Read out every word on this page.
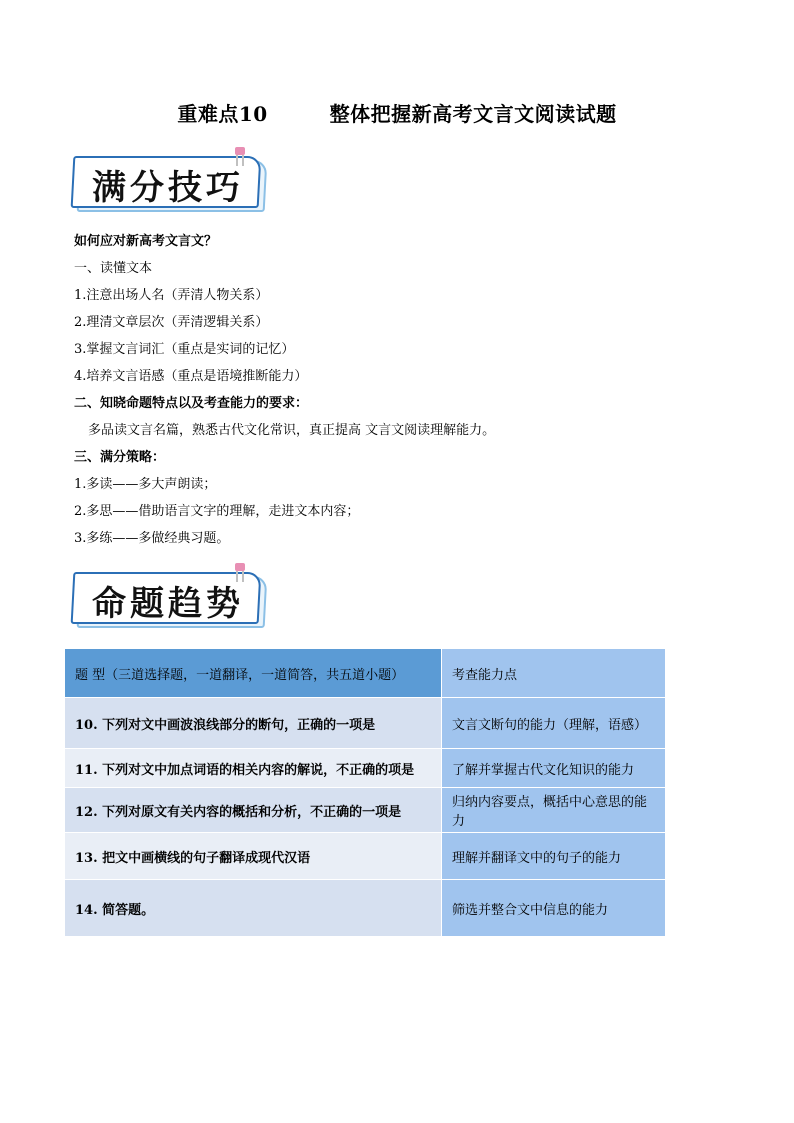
重难点10	整体把握新高考文言文阅读试题
满分技巧
如何应对新高考文言文？
一、读懂文本
1.注意出场人名（弄清人物关系）
2.理清文章层次（弄清逻辑关系）
3.掌握文言词汇（重点是实词的记忆）
4.培养文言语感（重点是语境推断能力）
二、知晓命题特点以及考查能力的要求：
多品读文言名篇，熟悉古代文化常识，真正提高 文言文阅读理解能力。
三、满分策略：
1.多读——多大声朗读；
2.多思——借助语言文字的理解，走进文本内容；
3.多练——多做经典习题。
命题趋势
题 型（三道选择题，一道翻译，一道简答，共五道小题）	考查能力点
10. 下列对文中画波浪线部分的断句，正确的一项是	文言文断句的能力（理解，语感）
11. 下列对文中加点词语的相关内容的解说，不正确的项是	了解并掌握古代文化知识的能力
12. 下列对原文有关内容的概括和分析，不正确的一项是	归纳内容要点，概括中心意思的能力
13. 把文中画横线的句子翻译成现代汉语	理解并翻译文中的句子的能力
14. 简答题。	筛选并整合文中信息的能力
